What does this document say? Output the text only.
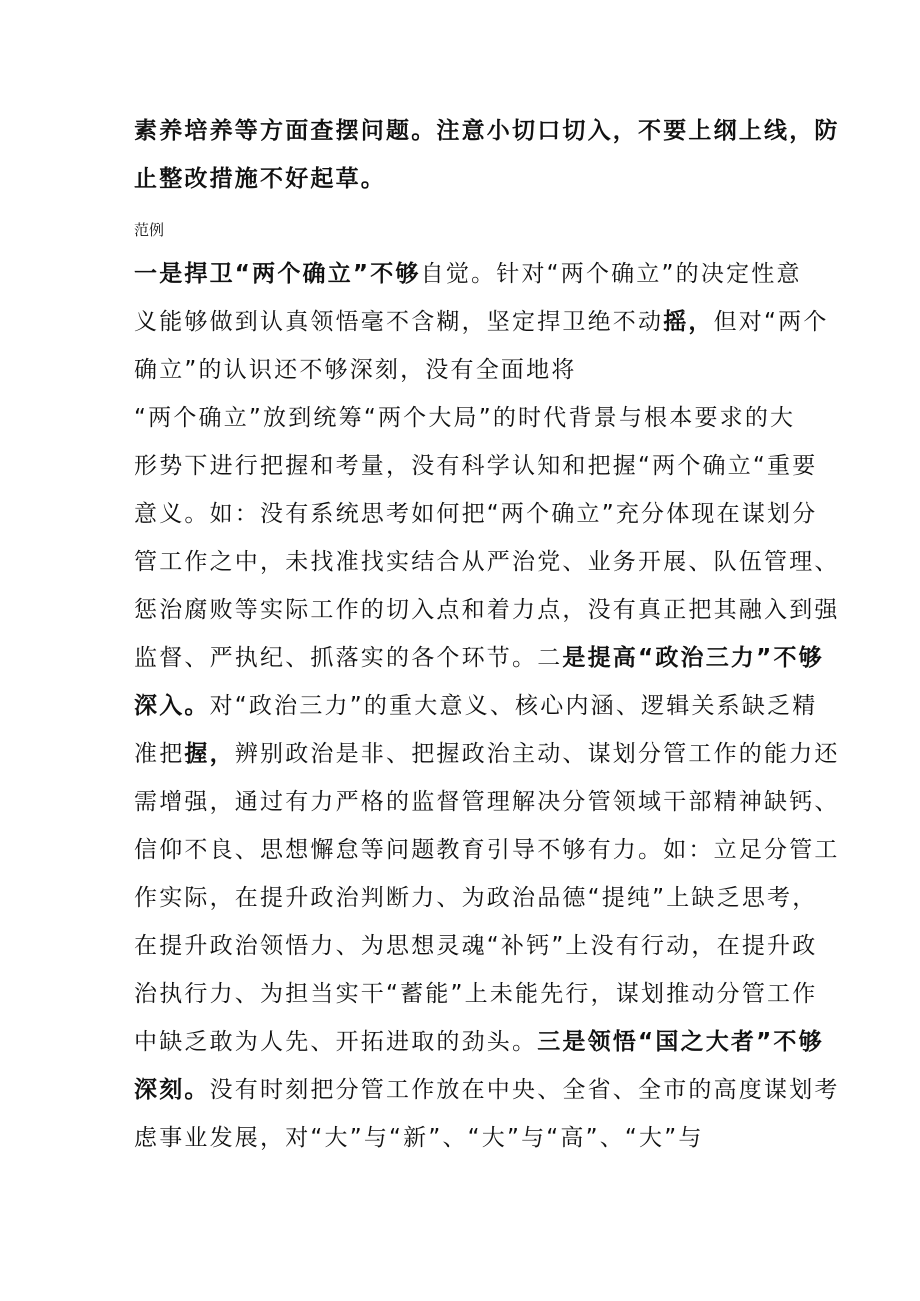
素养培养等方面查摆问题。注意小切口切入，不要上纲上线，防
止整改措施不好起草。
范例
一是捍卫“两个确立”不够自觉。针对“两个确立”的决定性意
义能够做到认真领悟毫不含糊，坚定捍卫绝不动摇，但对“两个
确立”的认识还不够深刻，没有全面地将
“两个确立”放到统筹“两个大局”的时代背景与根本要求的大
形势下进行把握和考量，没有科学认知和把握“两个确立“重要
意义。如：没有系统思考如何把“两个确立”充分体现在谋划分
管工作之中，未找准找实结合从严治党、业务开展、队伍管理、
惩治腐败等实际工作的切入点和着力点，没有真正把其融入到强
监督、严执纪、抓落实的各个环节。二是提高“政治三力”不够
深入。对“政治三力”的重大意义、核心内涵、逻辑关系缺乏精
准把握，辨别政治是非、把握政治主动、谋划分管工作的能力还
需增强，通过有力严格的监督管理解决分管领域干部精神缺钙、
信仰不良、思想懈怠等问题教育引导不够有力。如：立足分管工
作实际，在提升政治判断力、为政治品德“提纯”上缺乏思考，
在提升政治领悟力、为思想灵魂“补钙”上没有行动，在提升政
治执行力、为担当实干“蓄能”上未能先行，谋划推动分管工作
中缺乏敢为人先、开拓进取的劲头。三是领悟“国之大者”不够
深刻。没有时刻把分管工作放在中央、全省、全市的高度谋划考
虑事业发展，对“大”与“新”、“大”与“高”、“大”与
